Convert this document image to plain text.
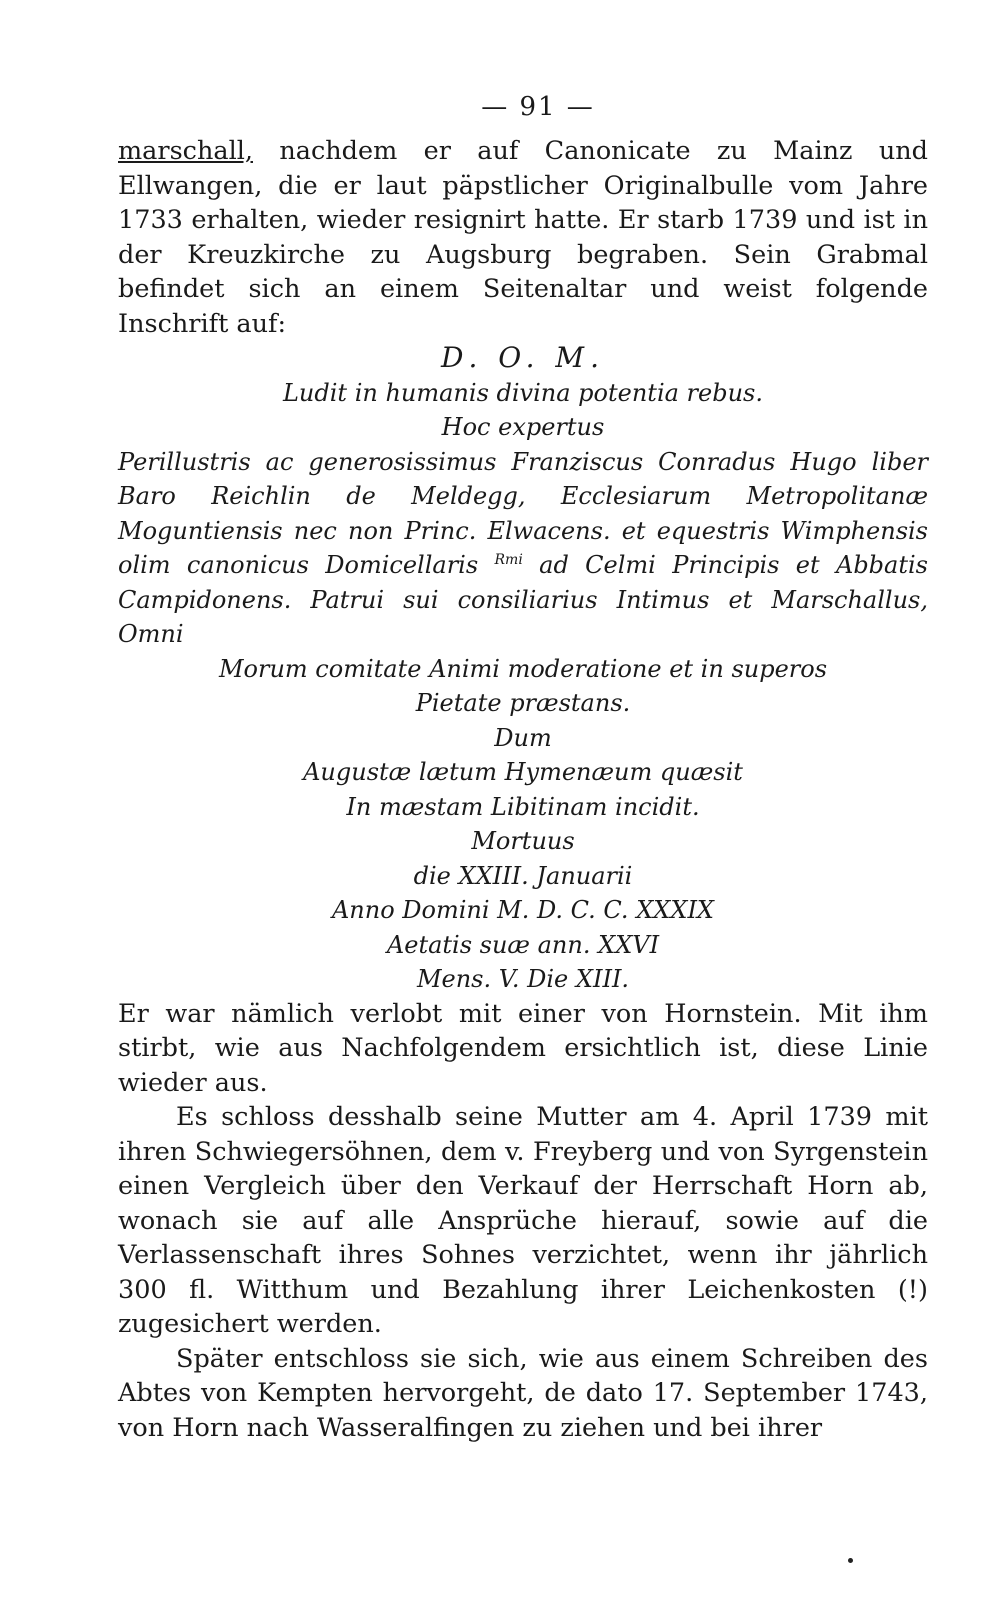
— 91 —

marschall, nachdem er auf Canonicate zu Mainz und Ellwangen, die er laut päpstlicher Originalbulle vom Jahre 1733 erhalten, wieder resignirt hatte. Er starb 1739 und ist in der Kreuzkirche zu Augsburg begraben. Sein Grabmal befindet sich an einem Seitenaltar und weist folgende Inschrift auf:

D. O. M.
Ludit in humanis divina potentia rebus.
Hoc expertus
Perillustris ac generosissimus Franziscus Conradus Hugo liber Baro Reichlin de Meldegg, Ecclesiarum Metropolitanæ Moguntiensis nec non Princ. Elwacens. et equestris Wimphensis olim canonicus Domicellaris $^{Rmi}$ ad Celmi Principis et Abbatis Campidonens. Patrui sui consiliarius Intimus et Marschallus, Omni
Morum comitate Animi moderatione et in superos
Pietate præstans.
Dum
Augustæ lætum Hymenæum quæsit
In mæstam Libitinam incidit.
Mortuus
die XXIII. Januarii
Anno Domini M. D. C. C. XXXIX
Aetatis suæ ann. XXVI
Mens. V. Die XIII.

Er war nämlich verlobt mit einer von Hornstein. Mit ihm stirbt, wie aus Nachfolgendem ersichtlich ist, diese Linie wieder aus.

Es schloss desshalb seine Mutter am 4. April 1739 mit ihren Schwiegersöhnen, dem v. Freyberg und von Syrgenstein einen Vergleich über den Verkauf der Herrschaft Horn ab, wonach sie auf alle Ansprüche hierauf, sowie auf die Verlassenschaft ihres Sohnes verzichtet, wenn ihr jährlich 300 fl. Witthum und Bezahlung ihrer Leichenkosten (!) zugesichert werden.

Später entschloss sie sich, wie aus einem Schreiben des Abtes von Kempten hervorgeht, de dato 17. September 1743, von Horn nach Wasseralfingen zu ziehen und bei ihrer
